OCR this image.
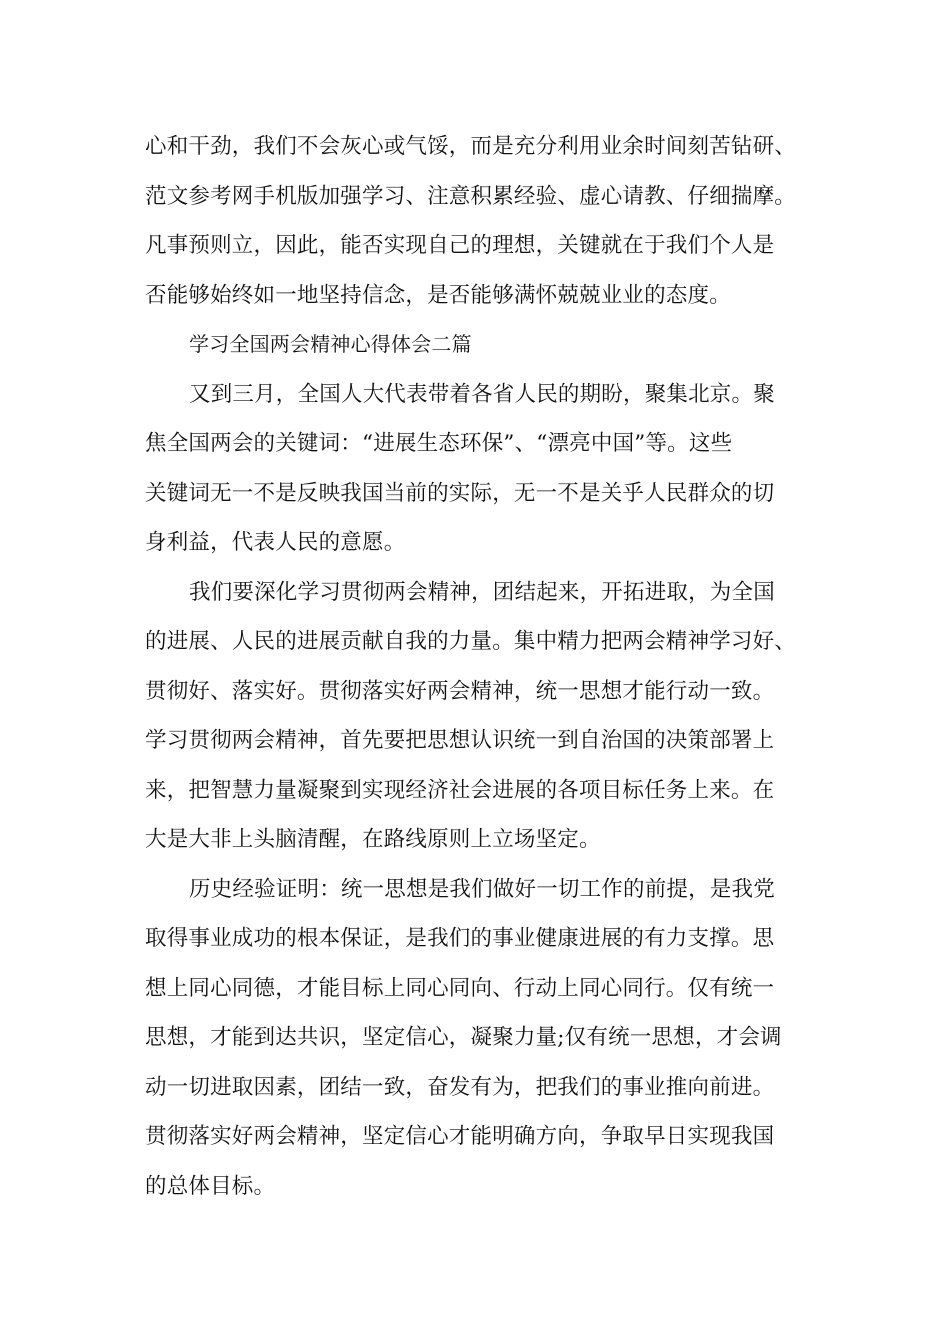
心和干劲，我们不会灰心或气馁，而是充分利用业余时间刻苦钻研、
范文参考网手机版加强学习、注意积累经验、虚心请教、仔细揣摩。
凡事预则立，因此，能否实现自己的理想，关键就在于我们个人是
否能够始终如一地坚持信念，是否能够满怀兢兢业业的态度。
学习全国两会精神心得体会二篇
又到三月，全国人大代表带着各省人民的期盼，聚集北京。聚
焦全国两会的关键词：“进展生态环保”、“漂亮中国”等。这些
关键词无一不是反映我国当前的实际，无一不是关乎人民群众的切
身利益，代表人民的意愿。
我们要深化学习贯彻两会精神，团结起来，开拓进取，为全国
的进展、人民的进展贡献自我的力量。集中精力把两会精神学习好、
贯彻好、落实好。贯彻落实好两会精神，统一思想才能行动一致。
学习贯彻两会精神，首先要把思想认识统一到自治国的决策部署上
来，把智慧力量凝聚到实现经济社会进展的各项目标任务上来。在
大是大非上头脑清醒，在路线原则上立场坚定。
历史经验证明：统一思想是我们做好一切工作的前提，是我党
取得事业成功的根本保证，是我们的事业健康进展的有力支撑。思
想上同心同德，才能目标上同心同向、行动上同心同行。仅有统一
思想，才能到达共识，坚定信心，凝聚力量;仅有统一思想，才会调
动一切进取因素，团结一致，奋发有为，把我们的事业推向前进。
贯彻落实好两会精神，坚定信心才能明确方向，争取早日实现我国
的总体目标。
